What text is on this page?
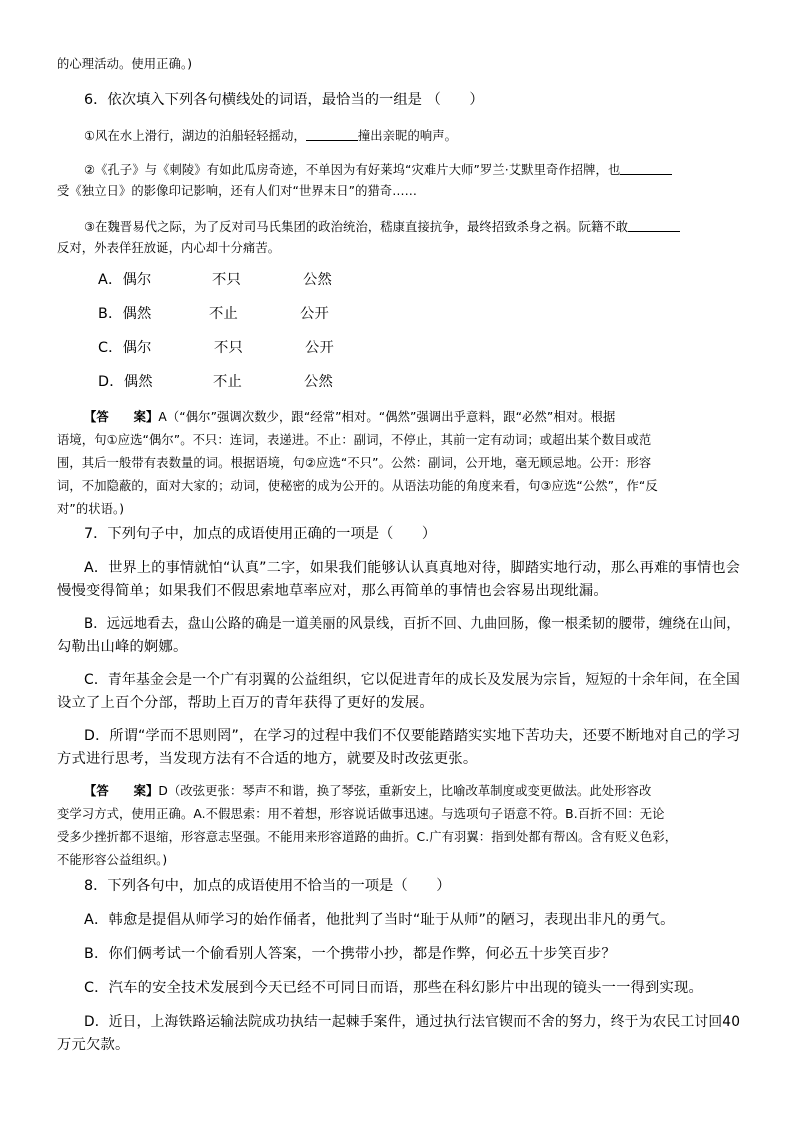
的心理活动。使用正确。)
6．依次填入下列各句横线处的词语，最恰当的一组是 （　　）
①风在水上滑行，湖边的泊船轻轻摇动，	撞出亲昵的响声。
②《孔子》与《刺陵》有如此瓜房奇迹，不单因为有好莱坞“灾难片大师”罗兰·艾默里奇作招牌，也
受《独立日》的影像印记影响，还有人们对“世界末日”的猎奇……
③在魏晋易代之际，为了反对司马氏集团的政治统治，嵇康直接抗争，最终招致杀身之祸。阮籍不敢
反对，外表佯狂放诞，内心却十分痛苦。
A．偶尔	不只	公然
B．偶然	不止	公开
C．偶尔	不只	公开
D．偶然	不止	公然
【答　　案】A（“偶尔”强调次数少，跟“经常”相对。“偶然”强调出乎意料，跟“必然”相对。根据
语境，句①应选“偶尔”。不只：连词，表递进。不止：副词，不停止，其前一定有动词；或超出某个数目或范
围，其后一般带有表数量的词。根据语境，句②应选“不只”。公然：副词，公开地，毫无顾忌地。公开：形容
词，不加隐蔽的，面对大家的；动词，使秘密的成为公开的。从语法功能的角度来看，句③应选“公然”，作“反
对”的状语。)
7．下列句子中，加点的成语使用正确的一项是（　　）
A．世界上的事情就怕“认真”二字，如果我们能够认认真真地对待，脚踏实地行动，那么再难的事情也会
慢慢变得简单；如果我们不假思索地草率应对，那么再简单的事情也会容易出现纰漏。
B．远远地看去，盘山公路的确是一道美丽的风景线，百折不回、九曲回肠，像一根柔韧的腰带，缠绕在山间，
勾勒出山峰的婀娜。
C．青年基金会是一个广有羽翼的公益组织，它以促进青年的成长及发展为宗旨，短短的十余年间，在全国
设立了上百个分部，帮助上百万的青年获得了更好的发展。
D．所谓“学而不思则罔”，在学习的过程中我们不仅要能踏踏实实地下苦功夫，还要不断地对自己的学习
方式进行思考，当发现方法有不合适的地方，就要及时改弦更张。
【答　　案】D（改弦更张：琴声不和谐，换了琴弦，重新安上，比喻改革制度或变更做法。此处形容改
变学习方式，使用正确。A.不假思索：用不着想，形容说话做事迅速。与选项句子语意不符。B.百折不回：无论
受多少挫折都不退缩，形容意志坚强。不能用来形容道路的曲折。C.广有羽翼：指到处都有帮凶。含有贬义色彩，
不能形容公益组织。)
8．下列各句中，加点的成语使用不恰当的一项是（　　）
A．韩愈是提倡从师学习的始作俑者，他批判了当时“耻于从师”的陋习，表现出非凡的勇气。
B．你们俩考试一个偷看别人答案，一个携带小抄，都是作弊，何必五十步笑百步？
C．汽车的安全技术发展到今天已经不可同日而语，那些在科幻影片中出现的镜头一一得到实现。
D．近日，上海铁路运输法院成功执结一起棘手案件，通过执行法官锲而不舍的努力，终于为农民工讨回40
万元欠款。
